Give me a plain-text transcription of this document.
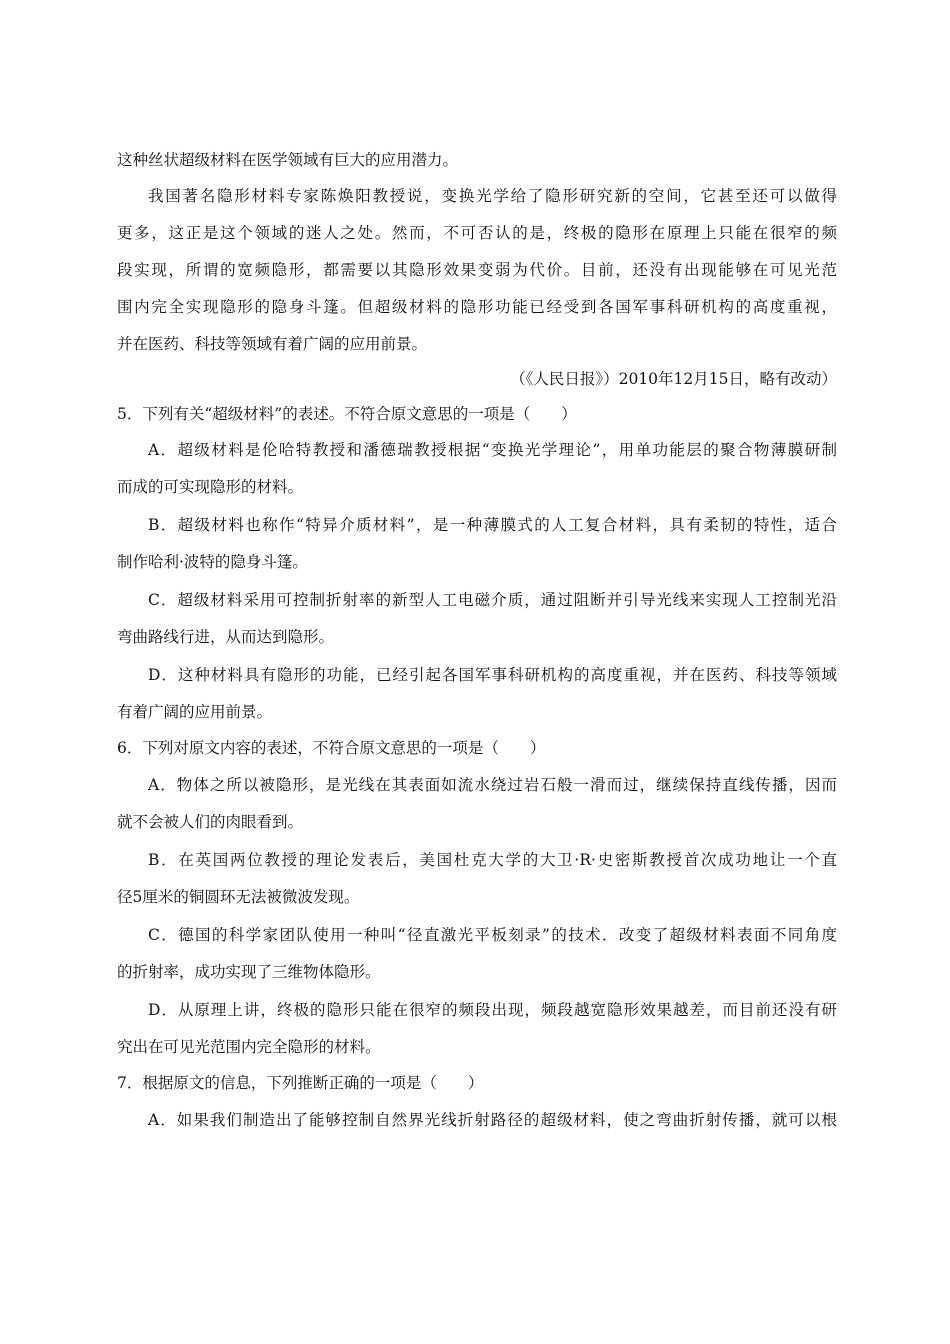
这种丝状超级材料在医学领域有巨大的应用潜力。
我国著名隐形材料专家陈焕阳教授说，变换光学给了隐形研究新的空间，它甚至还可以做得
更多，这正是这个领域的迷人之处。然而，不可否认的是，终极的隐形在原理上只能在很窄的频
段实现，所谓的宽频隐形，都需要以其隐形效果变弱为代价。目前，还没有出现能够在可见光范
围内完全实现隐形的隐身斗篷。但超级材料的隐形功能已经受到各国军事科研机构的高度重视，
并在医药、科技等领域有着广阔的应用前景。
（《人民日报》）2010年12月15日，略有改动）
5．下列有关“超级材料”的表述。不符合原文意思的一项是（　　）
A．超级材料是伦哈特教授和潘德瑞教授根据“变换光学理论”，用单功能层的聚合物薄膜研制
而成的可实现隐形的材料。
B．超级材料也称作“特异介质材料”，是一种薄膜式的人工复合材料，具有柔韧的特性，适合
制作哈利·波特的隐身斗篷。
C．超级材料采用可控制折射率的新型人工电磁介质，通过阻断并引导光线来实现人工控制光沿
弯曲路线行进，从而达到隐形。
D．这种材料具有隐形的功能，已经引起各国军事科研机构的高度重视，并在医药、科技等领域
有着广阔的应用前景。
6．下列对原文内容的表述，不符合原文意思的一项是（　　）
A．物体之所以被隐形，是光线在其表面如流水绕过岩石般一滑而过，继续保持直线传播，因而
就不会被人们的肉眼看到。
B．在英国两位教授的理论发表后，美国杜克大学的大卫·R·史密斯教授首次成功地让一个直
径5厘米的铜圆环无法被微波发现。
C．德国的科学家团队使用一种叫“径直激光平板刻录”的技术．改变了超级材料表面不同角度
的折射率，成功实现了三维物体隐形。
D．从原理上讲，终极的隐形只能在很窄的频段出现，频段越宽隐形效果越差，而目前还没有研
究出在可见光范围内完全隐形的材料。
7．根据原文的信息，下列推断正确的一项是（　　）
A．如果我们制造出了能够控制自然界光线折射路径的超级材料，使之弯曲折射传播，就可以根
